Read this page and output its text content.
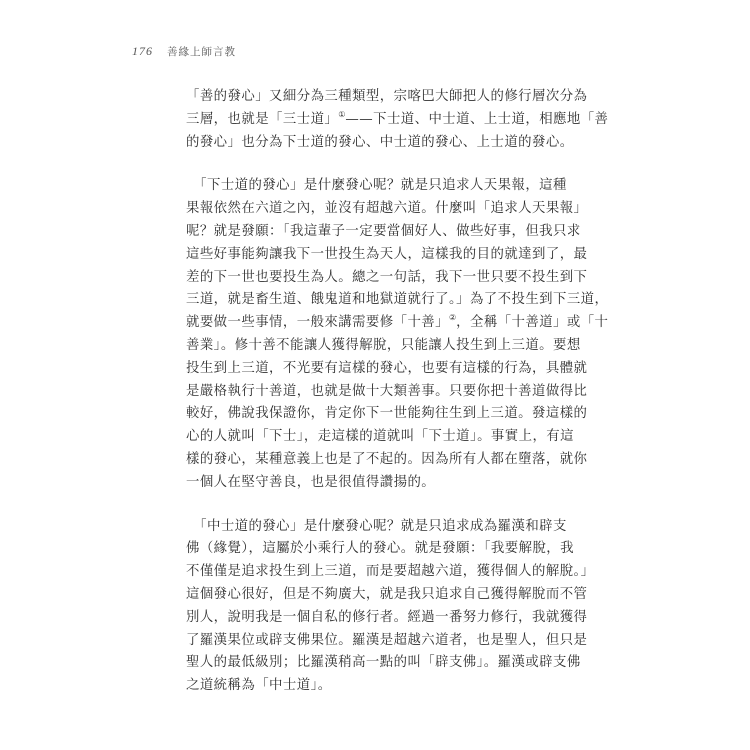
176 善緣上師言教

「善的發心」又細分為三種類型，宗喀巴大師把人的修行層次分為
三層，也就是「三士道」①——下士道、中士道、上士道，相應地「善
的發心」也分為下士道的發心、中士道的發心、上士道的發心。

　「下士道的發心」是什麼發心呢？就是只追求人天果報，這種
果報依然在六道之內，並沒有超越六道。什麼叫「追求人天果報」
呢？就是發願：「我這輩子一定要當個好人、做些好事，但我只求
這些好事能夠讓我下一世投生為天人，這樣我的目的就達到了，最
差的下一世也要投生為人。總之一句話，我下一世只要不投生到下
三道，就是畜生道、餓鬼道和地獄道就行了。」為了不投生到下三道，
就要做一些事情，一般來講需要修「十善」②，全稱「十善道」或「十
善業」。修十善不能讓人獲得解脫，只能讓人投生到上三道。要想
投生到上三道，不光要有這樣的發心，也要有這樣的行為，具體就
是嚴格執行十善道，也就是做十大類善事。只要你把十善道做得比
較好，佛說我保證你，肯定你下一世能夠往生到上三道。發這樣的
心的人就叫「下士」，走這樣的道就叫「下士道」。事實上，有這
樣的發心，某種意義上也是了不起的。因為所有人都在墮落，就你
一個人在堅守善良，也是很值得讚揚的。

　「中士道的發心」是什麼發心呢？就是只追求成為羅漢和辟支
佛（緣覺），這屬於小乘行人的發心。就是發願：「我要解脫，我
不僅僅是追求投生到上三道，而是要超越六道，獲得個人的解脫。」
這個發心很好，但是不夠廣大，就是我只追求自己獲得解脫而不管
別人，說明我是一個自私的修行者。經過一番努力修行，我就獲得
了羅漢果位或辟支佛果位。羅漢是超越六道者，也是聖人，但只是
聖人的最低級別；比羅漢稍高一點的叫「辟支佛」。羅漢或辟支佛
之道統稱為「中士道」。
